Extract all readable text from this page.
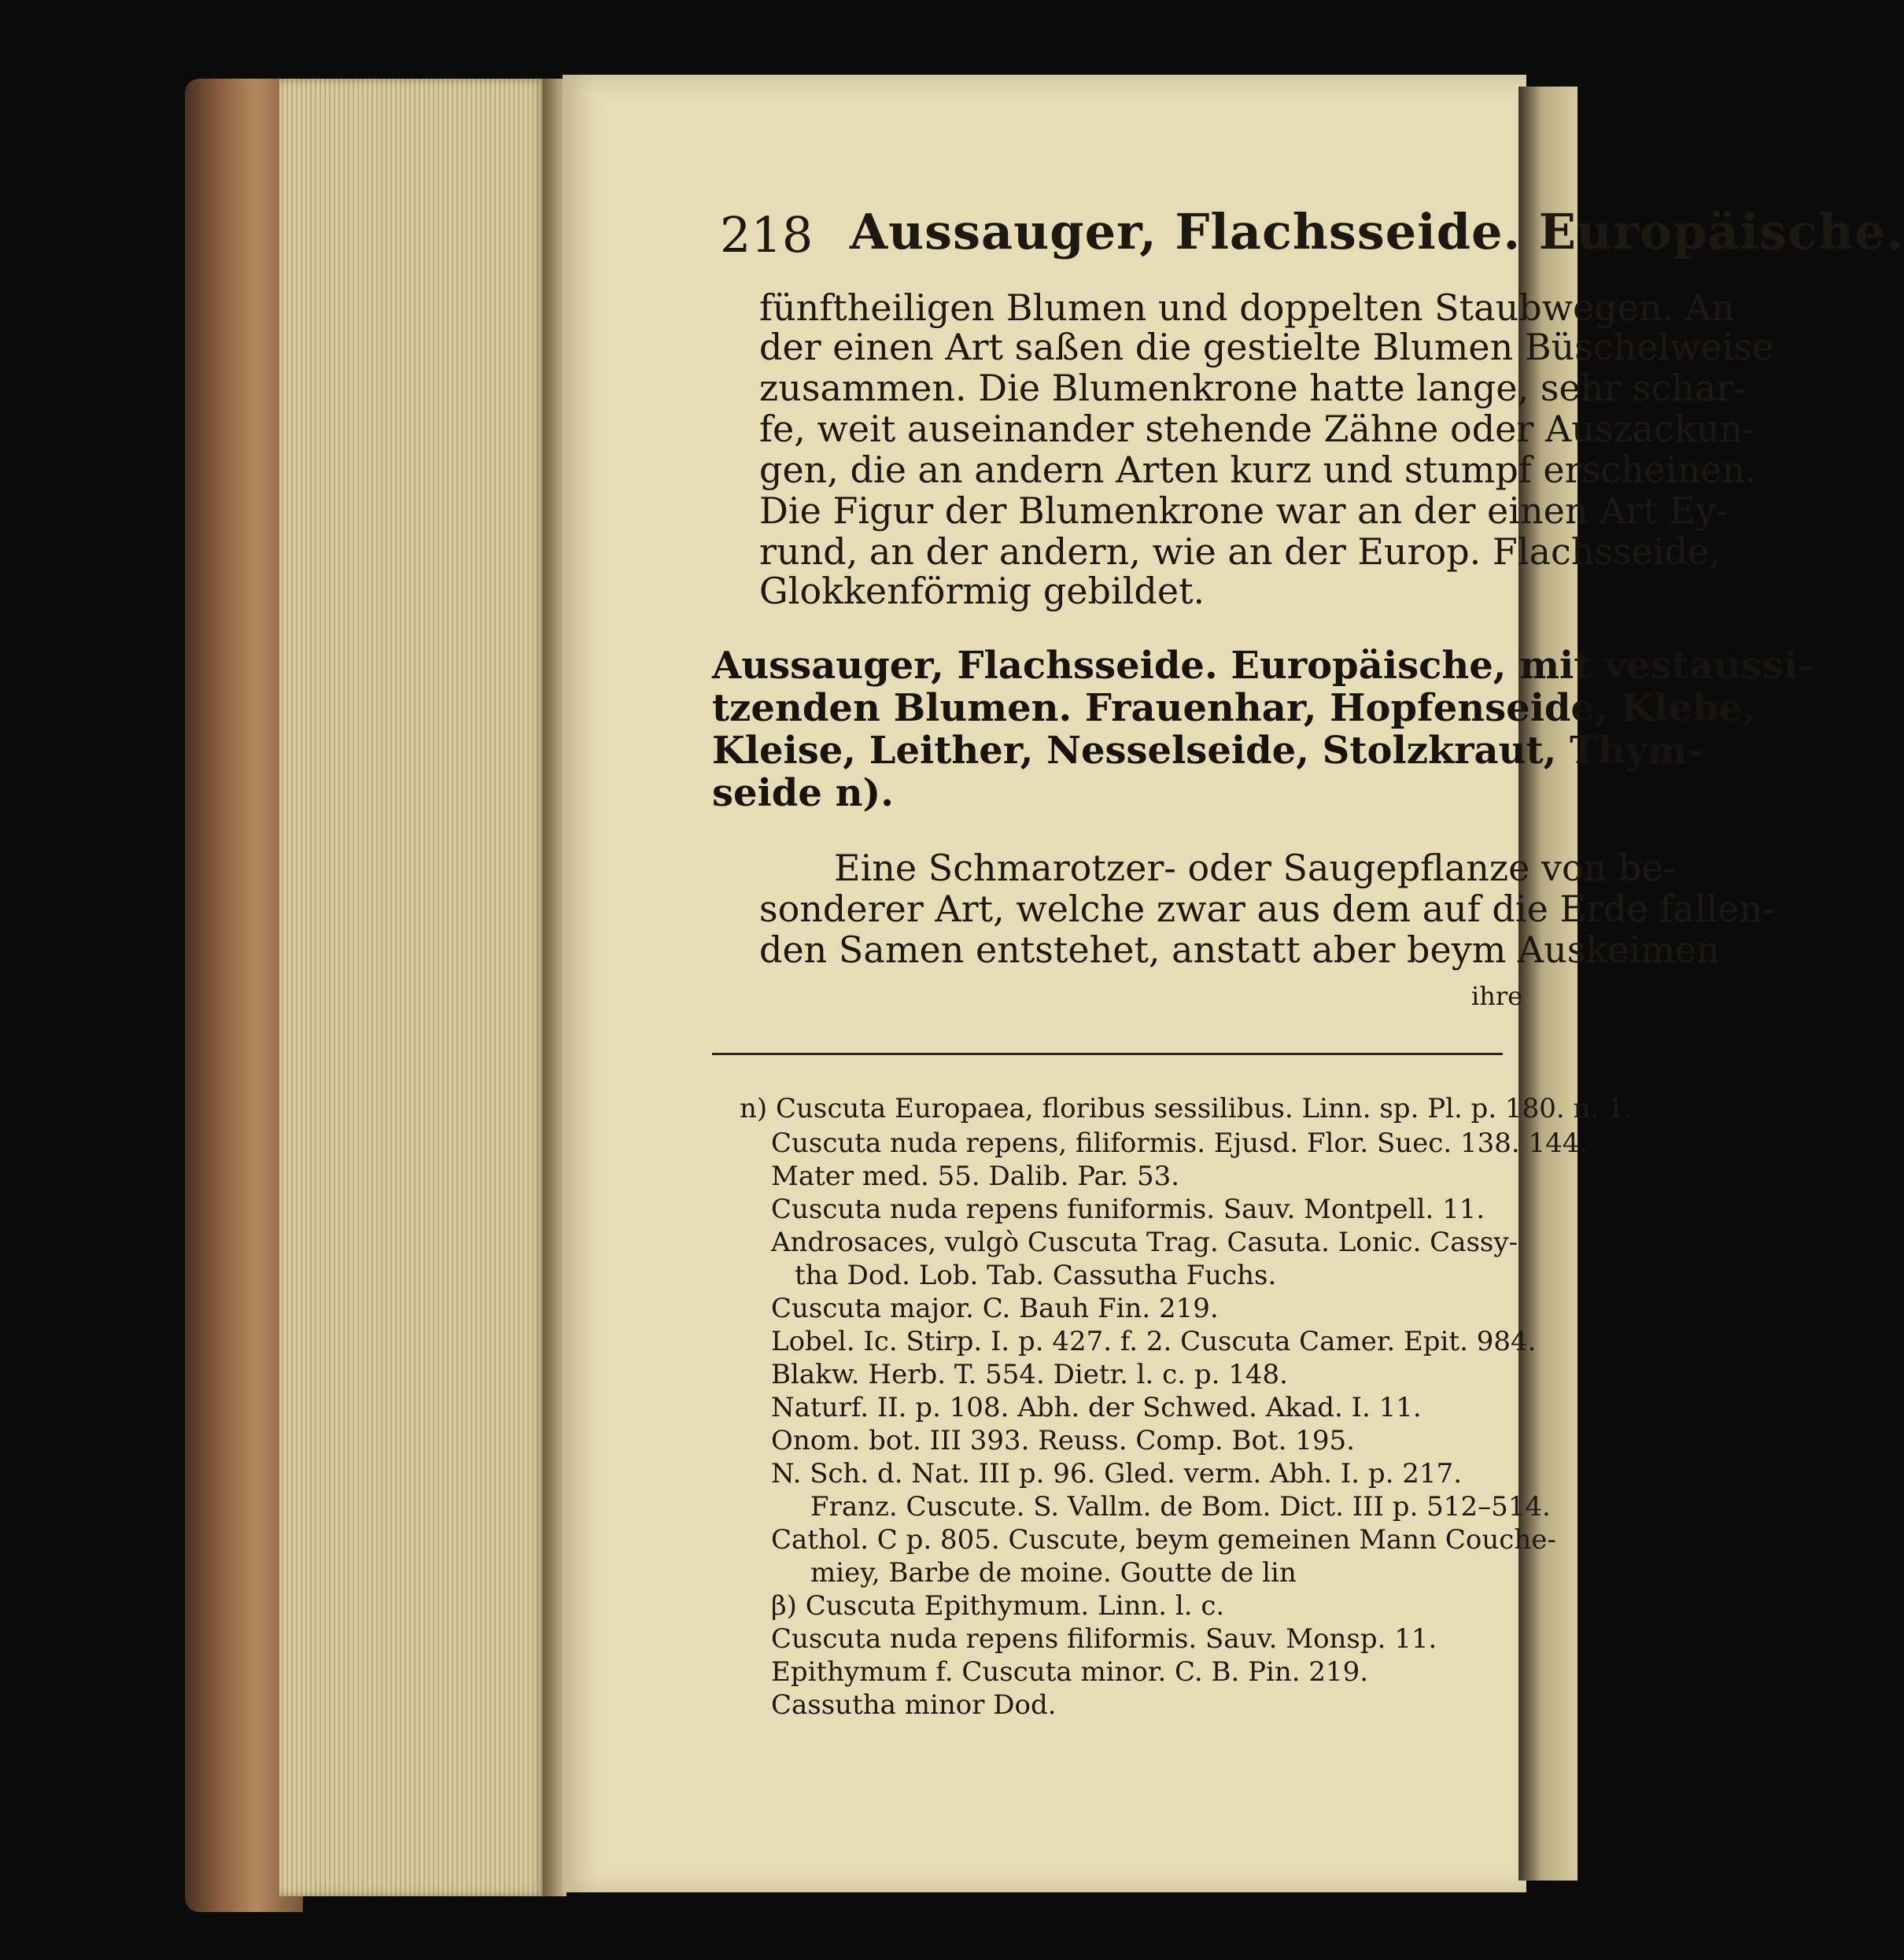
218 Aussauger, Flachsseide. Europäische.
fünftheiligen Blumen und doppelten Staubwegen. An
der einen Art saßen die gestielte Blumen Büschelweise
zusammen. Die Blumenkrone hatte lange, sehr schar-
fe, weit auseinander stehende Zähne oder Auszackun-
gen, die an andern Arten kurz und stumpf erscheinen.
Die Figur der Blumenkrone war an der einen Art Ey-
rund, an der andern, wie an der Europ. Flachsseide,
Glokkenförmig gebildet.
Aussauger, Flachsseide. Europäische, mit vestaussi-
tzenden Blumen. Frauenhar, Hopfenseide, Klebe,
Kleise, Leither, Nesselseide, Stolzkraut, Thym-
seide n).
Eine Schmarotzer- oder Saugepflanze von be-
sonderer Art, welche zwar aus dem auf die Erde fallen-
den Samen entstehet, anstatt aber beym Auskeimen
ihre
n) Cuscuta Europaea, floribus sessilibus. Linn. sp. Pl. p. 180. n. 1.
Cuscuta nuda repens, filiformis. Ejusd. Flor. Suec. 138. 144.
Mater med. 55. Dalib. Par. 53.
Cuscuta nuda repens funiformis. Sauv. Montpell. 11.
Androsaces, vulgò Cuscuta Trag. Casuta. Lonic. Cassy-
tha Dod. Lob. Tab. Cassutha Fuchs.
Cuscuta major. C. Bauh Fin. 219.
Lobel. Ic. Stirp. I. p. 427. f. 2. Cuscuta Camer. Epit. 984.
Blakw. Herb. T. 554. Dietr. l. c. p. 148.
Naturf. II. p. 108. Abh. der Schwed. Akad. I. 11.
Onom. bot. III 393. Reuss. Comp. Bot. 195.
N. Sch. d. Nat. III p. 96. Gled. verm. Abh. I. p. 217.
Franz. Cuscute. S. Vallm. de Bom. Dict. III p. 512–514.
Cathol. C p. 805. Cuscute, beym gemeinen Mann Couche-
miey, Barbe de moine. Goutte de lin
β) Cuscuta Epithymum. Linn. l. c.
Cuscuta nuda repens filiformis. Sauv. Monsp. 11.
Epithymum f. Cuscuta minor. C. B. Pin. 219.
Cassutha minor Dod.
